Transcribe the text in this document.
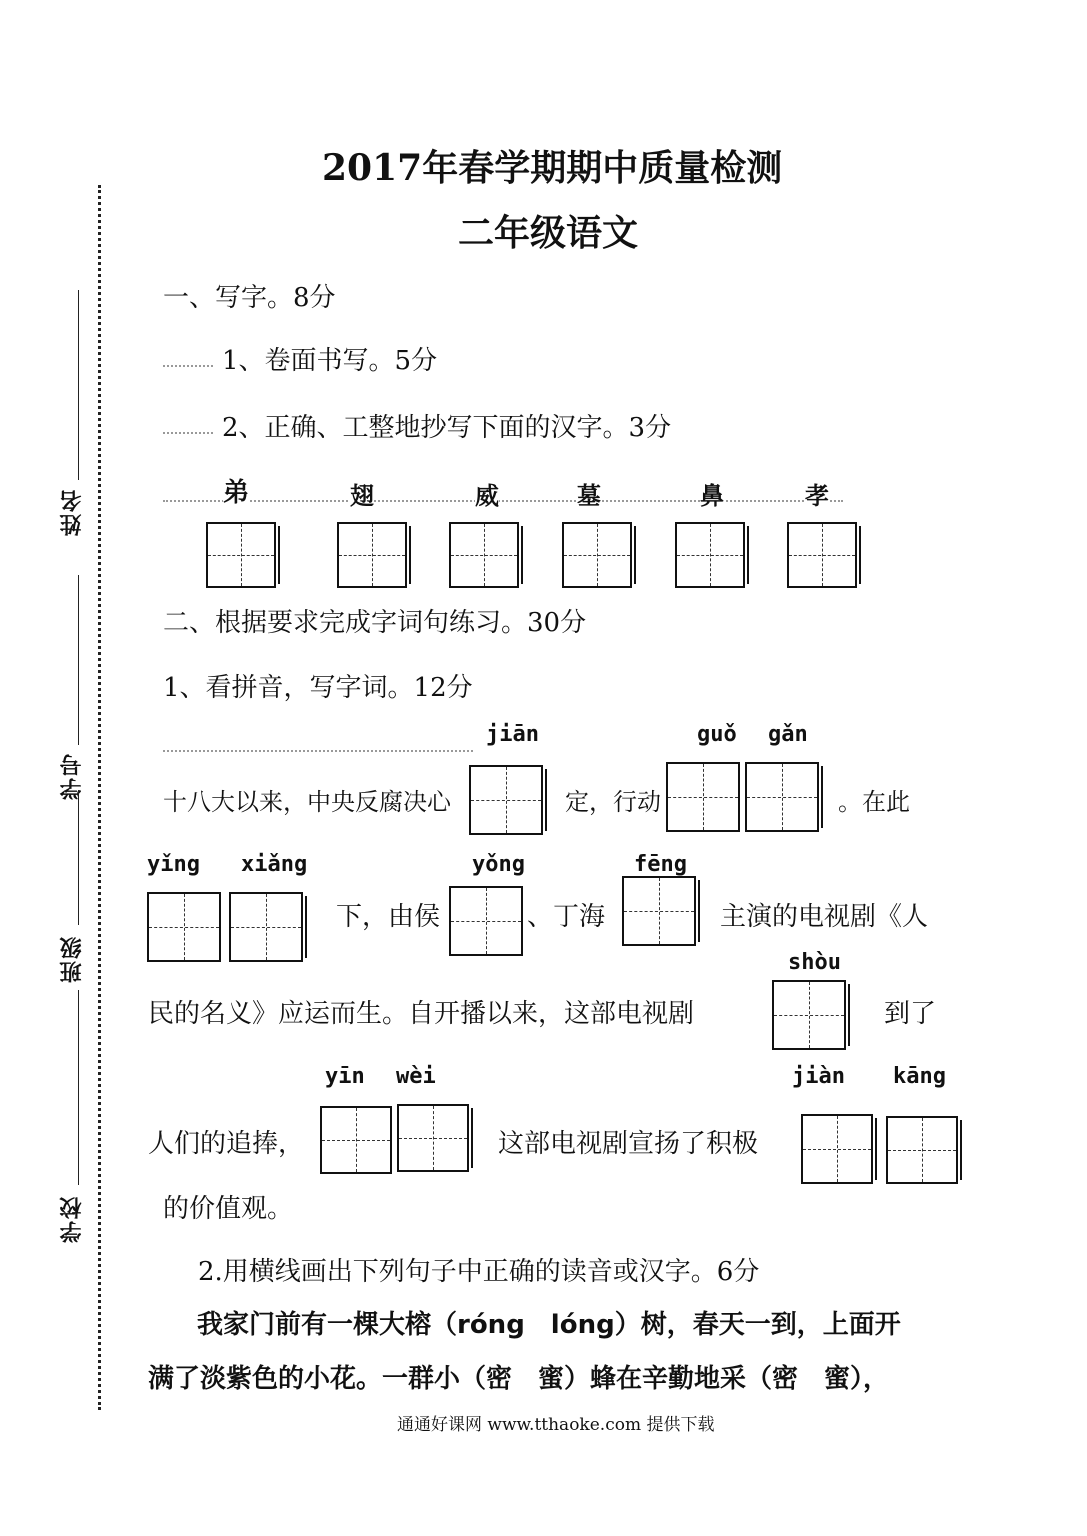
姓名
学号
班级
学校
2017年春学期期中质量检测
二年级语文
一、写字。8分
1、卷面书写。5分
2、正确、工整地抄写下面的汉字。3分
弟	翅	威	墓	鼻	孝
二、根据要求完成字词句练习。30分
1、看拼音，写字词。12分
jiān	guǒ gǎn
十八大以来，中央反腐决心	定，行动	。在此
yǐng xiǎng	yǒng	fēng
下，由侯	、丁海	主演的电视剧《人
shòu
民的名义》应运而生。自开播以来，这部电视剧	到了
yīn wèi	jiàn kāng
人们的追捧，	这部电视剧宣扬了积极
的价值观。
2.用横线画出下列句子中正确的读音或汉字。6分
我家门前有一棵大榕（róng　lóng）树，春天一到，上面开
满了淡紫色的小花。一群小（密　蜜）蜂在辛勤地采（密　蜜），
通通好课网 www.tthaoke.com 提供下载
